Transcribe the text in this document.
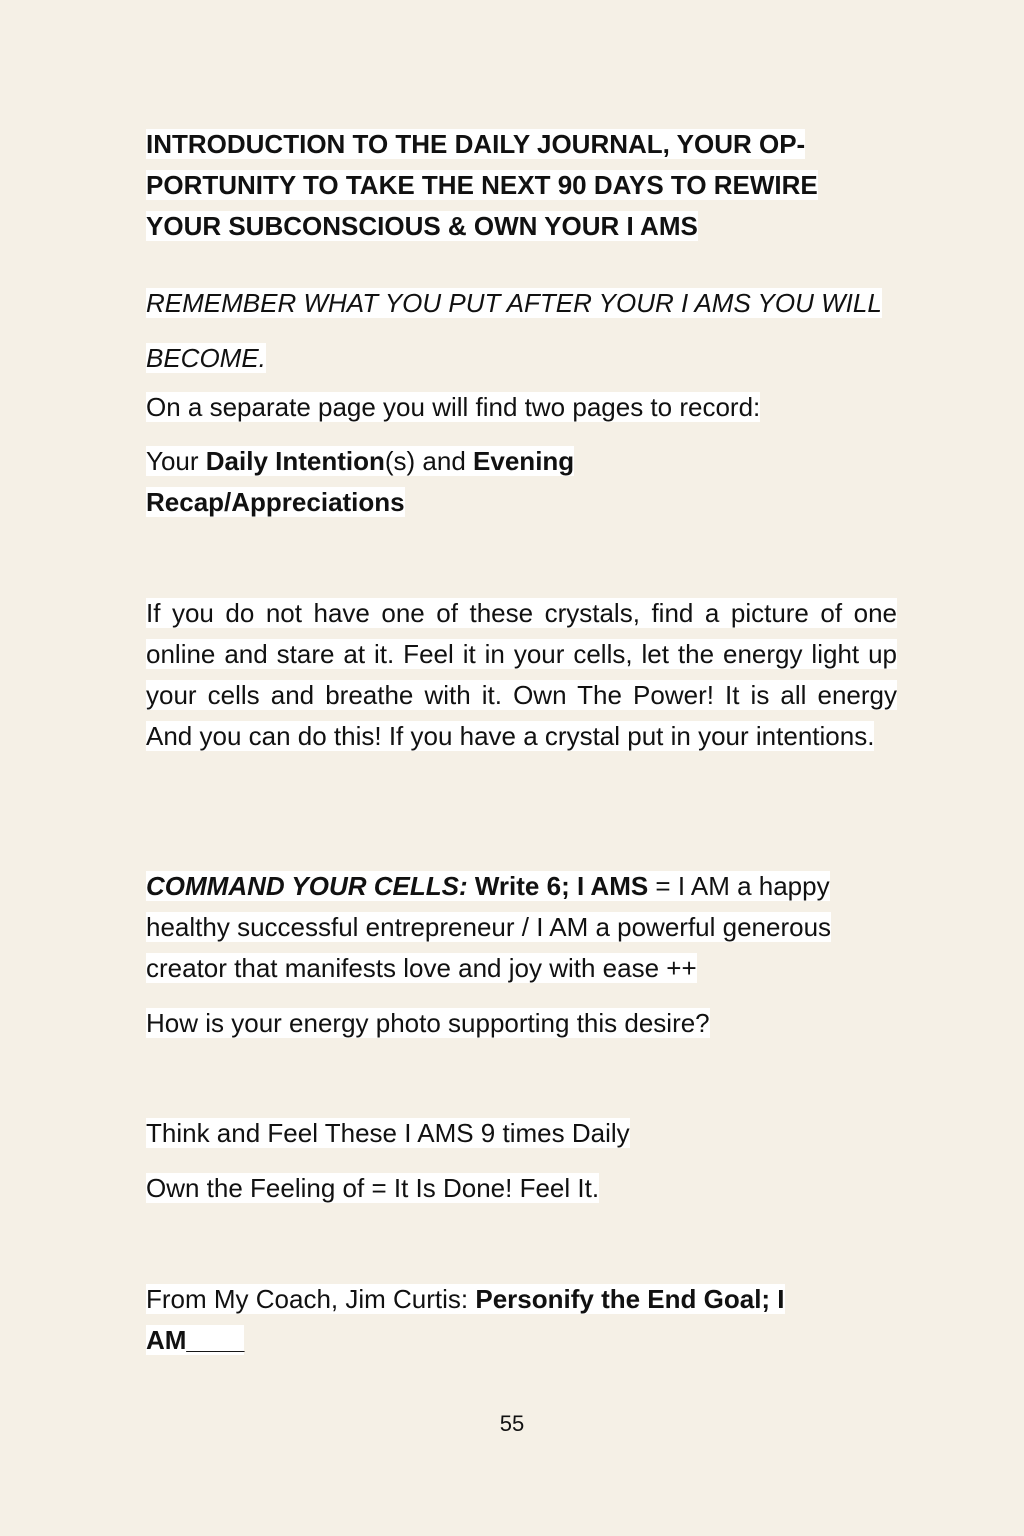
INTRODUCTION TO THE DAILY JOURNAL, YOUR OP-PORTUNITY TO TAKE THE NEXT 90 DAYS TO REWIRE YOUR SUBCONSCIOUS & OWN YOUR I AMS
REMEMBER WHAT YOU PUT AFTER YOUR I AMS YOU WILL BECOME.
On a separate page you will find two pages to record:
Your Daily Intention(s) and Evening Recap/Appreciations
If you do not have one of these crystals, find a picture of one online and stare at it. Feel it in your cells, let the energy light up your cells and breathe with it. Own The Power! It is all energy And you can do this! If you have a crystal put in your intentions.
COMMAND YOUR CELLS: Write 6; I AMS = I AM a happy healthy successful entrepreneur / I AM a powerful generous creator that manifests love and joy with ease ++
How is your energy photo supporting this desire?
Think and Feel These I AMS 9 times Daily
Own the Feeling of = It Is Done! Feel It.
From My Coach, Jim Curtis: Personify the End Goal; I AM____
55
